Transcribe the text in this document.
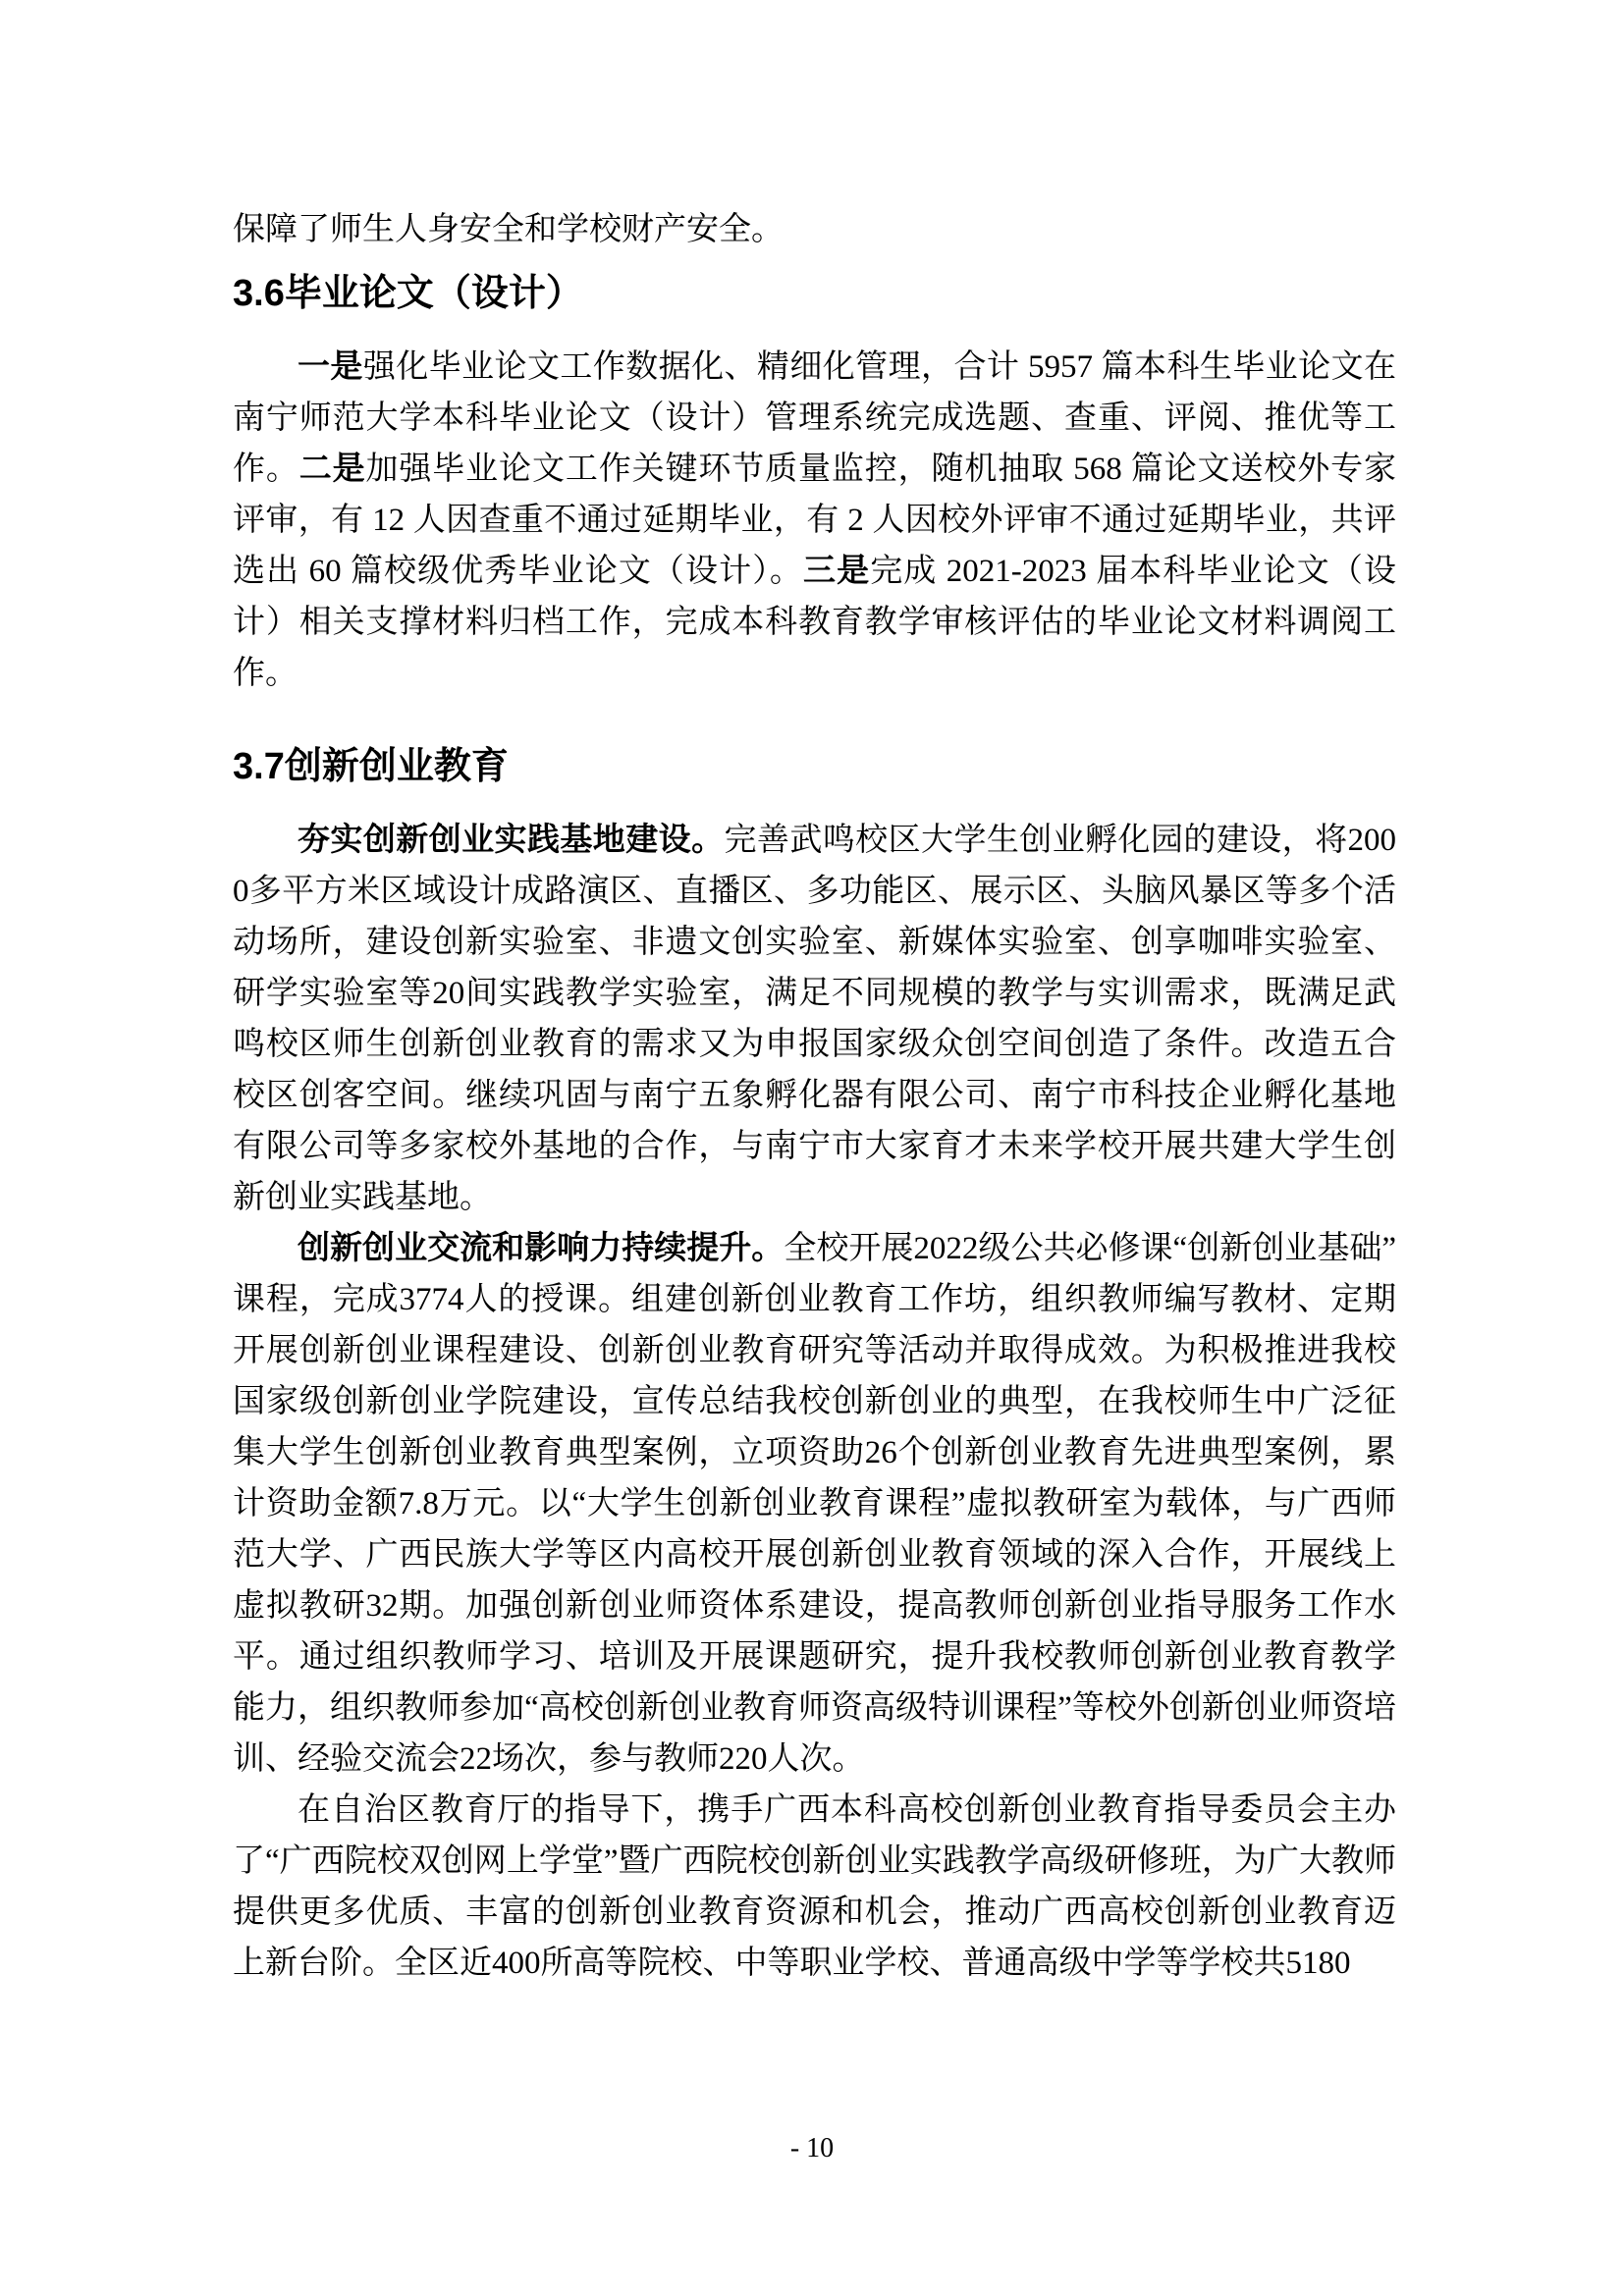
保障了师生人身安全和学校财产安全。

3.6毕业论文（设计）

一是强化毕业论文工作数据化、精细化管理，合计 5957 篇本科生毕业论文在南宁师范大学本科毕业论文（设计）管理系统完成选题、查重、评阅、推优等工作。二是加强毕业论文工作关键环节质量监控，随机抽取 568 篇论文送校外专家评审，有 12 人因查重不通过延期毕业，有 2 人因校外评审不通过延期毕业，共评选出 60 篇校级优秀毕业论文（设计）。三是完成 2021-2023 届本科毕业论文（设计）相关支撑材料归档工作，完成本科教育教学审核评估的毕业论文材料调阅工作。

3.7创新创业教育

夯实创新创业实践基地建设。完善武鸣校区大学生创业孵化园的建设，将2000多平方米区域设计成路演区、直播区、多功能区、展示区、头脑风暴区等多个活动场所，建设创新实验室、非遗文创实验室、新媒体实验室、创享咖啡实验室、研学实验室等20间实践教学实验室，满足不同规模的教学与实训需求，既满足武鸣校区师生创新创业教育的需求又为申报国家级众创空间创造了条件。改造五合校区创客空间。继续巩固与南宁五象孵化器有限公司、南宁市科技企业孵化基地有限公司等多家校外基地的合作，与南宁市大家育才未来学校开展共建大学生创新创业实践基地。

创新创业交流和影响力持续提升。全校开展2022级公共必修课“创新创业基础”课程，完成3774人的授课。组建创新创业教育工作坊，组织教师编写教材、定期开展创新创业课程建设、创新创业教育研究等活动并取得成效。为积极推进我校国家级创新创业学院建设，宣传总结我校创新创业的典型，在我校师生中广泛征集大学生创新创业教育典型案例，立项资助26个创新创业教育先进典型案例，累计资助金额7.8万元。以“大学生创新创业教育课程”虚拟教研室为载体，与广西师范大学、广西民族大学等区内高校开展创新创业教育领域的深入合作，开展线上虚拟教研32期。加强创新创业师资体系建设，提高教师创新创业指导服务工作水平。通过组织教师学习、培训及开展课题研究，提升我校教师创新创业教育教学能力，组织教师参加“高校创新创业教育师资高级特训课程”等校外创新创业师资培训、经验交流会22场次，参与教师220人次。

在自治区教育厅的指导下，携手广西本科高校创新创业教育指导委员会主办了“广西院校双创网上学堂”暨广西院校创新创业实践教学高级研修班，为广大教师提供更多优质、丰富的创新创业教育资源和机会，推动广西高校创新创业教育迈上新台阶。全区近400所高等院校、中等职业学校、普通高级中学等学校共5180

- 10
